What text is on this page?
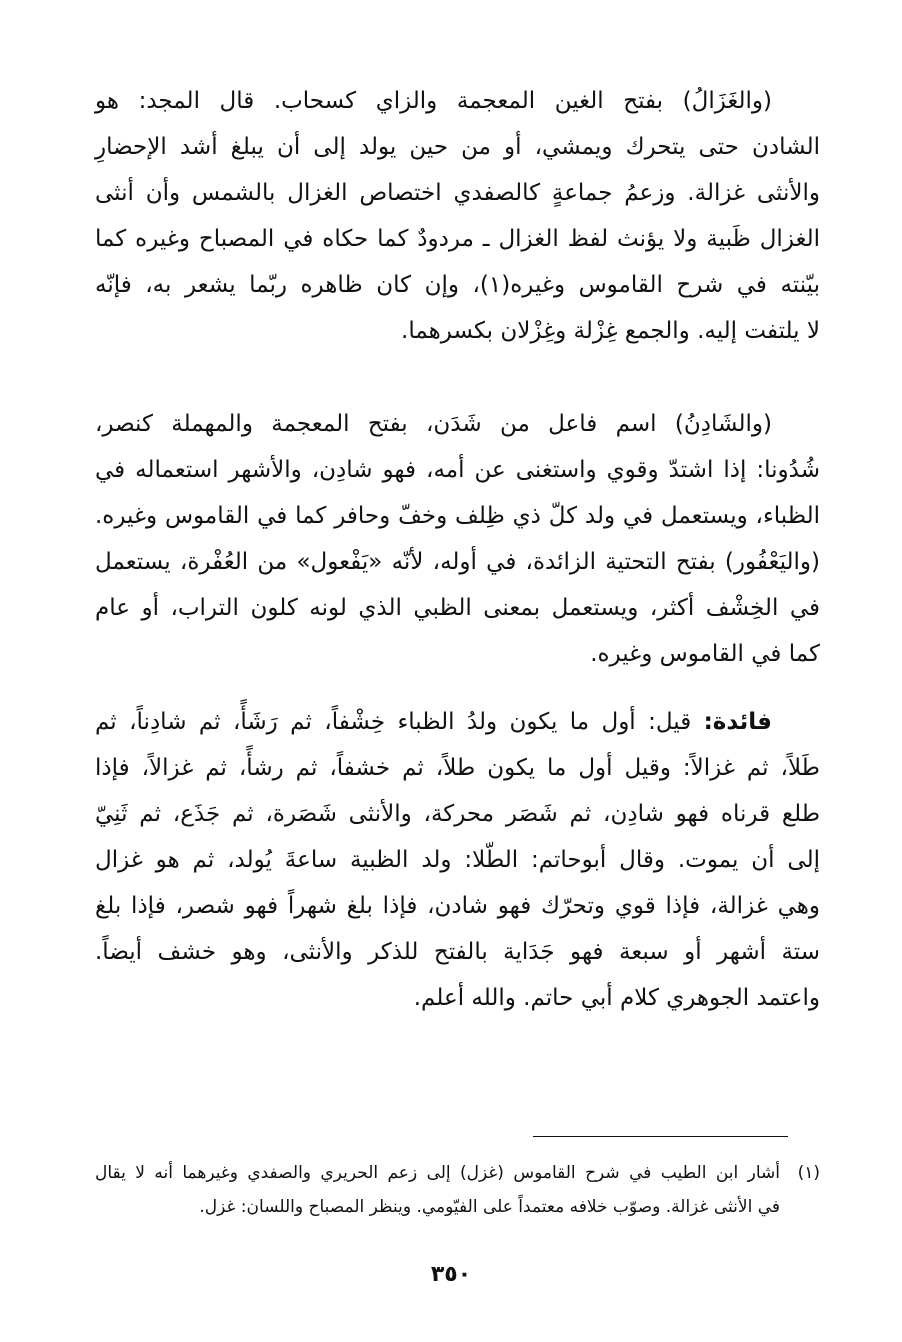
(والغَزَالُ) بفتح الغين المعجمة والزاي كسحاب. قال المجد: هو
الشادن حتى يتحرك ويمشي، أو من حين يولد إلى أن يبلغ أشد الإحضارِ
والأنثى غزالة. وزعمُ جماعةٍ كالصفدي اختصاص الغزال بالشمس وأن أنثى
الغزال ظَبية ولا يؤنث لفظ الغزال ـ مردودٌ كما حكاه في المصباح وغيره كما
بيّنته في شرح القاموس وغيره(١)، وإن كان ظاهره ربّما يشعر به، فإنّه
لا يلتفت إليه. والجمع غِزْلة وغِزْلان بكسرهما.
(والشَادِنُ) اسم فاعل من شَدَن، بفتح المعجمة والمهملة كنصر،
شُدُونا: إذا اشتدّ وقوي واستغنى عن أمه، فهو شادِن، والأشهر استعماله في
الظباء، ويستعمل في ولد كلّ ذي ظِلف وخفّ وحافر كما في القاموس وغيره.
(واليَعْفُور) بفتح التحتية الزائدة، في أوله، لأنّه «يَفْعول» من العُفْرة، يستعمل
في الخِشْف أكثر، ويستعمل بمعنى الظبي الذي لونه كلون التراب، أو عام
كما في القاموس وغيره.
فائدة: قيل: أول ما يكون ولدُ الظباء خِشْفاً، ثم رَشَأً، ثم شادِناً، ثم
طَلاً، ثم غزالاً: وقيل أول ما يكون طلاً، ثم خشفاً، ثم رشأً، ثم غزالاً، فإذا
طلع قرناه فهو شادِن، ثم شَصَر محركة، والأنثى شَصَرة، ثم جَذَع، ثم ثَنِيّ
إلى أن يموت. وقال أبوحاتم: الطّلا: ولد الظبية ساعةَ يُولد، ثم هو غزال
وهي غزالة، فإذا قوي وتحرّك فهو شادن، فإذا بلغ شهراً فهو شصر، فإذا بلغ
ستة أشهر أو سبعة فهو جَدَاية بالفتح للذكر والأنثى، وهو خشف أيضاً.
واعتمد الجوهري كلام أبي حاتم. والله أعلم.
(١)أشار ابن الطيب في شرح القاموس (غزل) إلى زعم الحريري والصفدي وغيرهما أنه لا يقال
في الأنثى غزالة. وصوّب خلافه معتمداً على الفيّومي. وينظر المصباح واللسان: غزل.
٣٥٠
